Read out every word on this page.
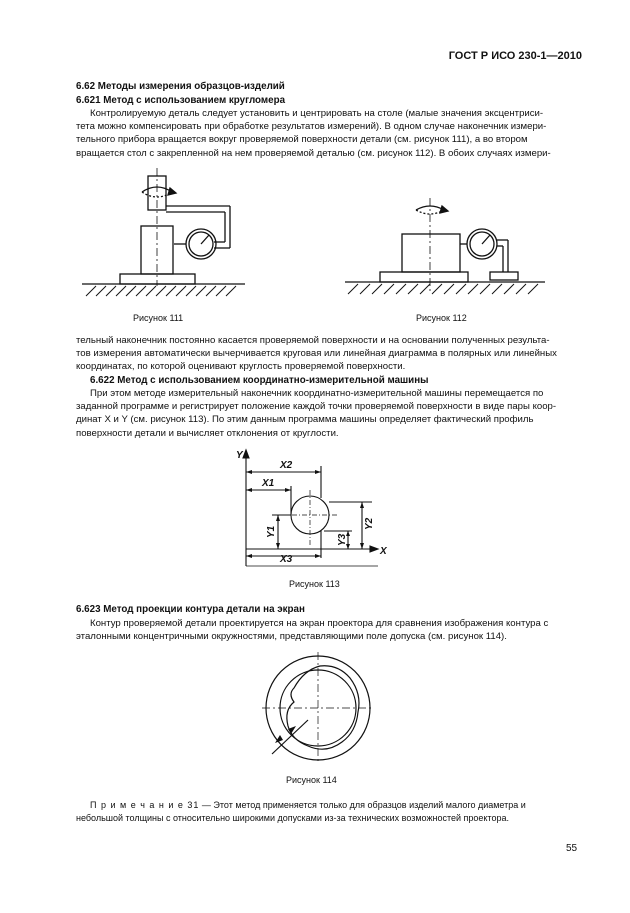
ГОСТ Р ИСО 230-1—2010
6.62 Методы измерения образцов-изделий
6.621 Метод с использованием кругломера
Контролируемую деталь следует установить и центрировать на столе (малые значения эксцентриси-
тета можно компенсировать при обработке результатов измерений). В одном случае наконечник измери-
тельного прибора вращается вокруг проверяемой поверхности детали (см. рисунок 111), а во втором
вращается стол с закрепленной на нем проверяемой деталью (см. рисунок 112). В обоих случаях измери-
Рисунок 111	Рисунок 112
тельный наконечник постоянно касается проверяемой поверхности и на основании полученных результа-
тов измерения автоматически вычерчивается круговая или линейная диаграмма в полярных или линейных
координатах, по которой оценивают круглость проверяемой поверхности.
6.622 Метод с использованием координатно-измерительной машины
При этом методе измерительный наконечник координатно-измерительной машины перемещается по
заданной программе и регистрирует положение каждой точки проверяемой поверхности в виде пары коор-
динат X и Y (см. рисунок 113). По этим данным программа машины определяет фактический профиль
поверхности детали и вычисляет отклонения от круглости.
Y
X
X2
X1
X3
Y1
Y2
Y3
Рисунок 113
6.623 Метод проекции контура детали на экран
Контур проверяемой детали проектируется на экран проектора для сравнения изображения контура с
эталонными концентричными окружностями, представляющими поле допуска (см. рисунок 114).
Рисунок 114
П р и м е ч а н и е 31 — Этот метод применяется только для образцов изделий малого диаметра и
небольшой толщины с относительно широкими допусками из-за технических возможностей проектора.
55
